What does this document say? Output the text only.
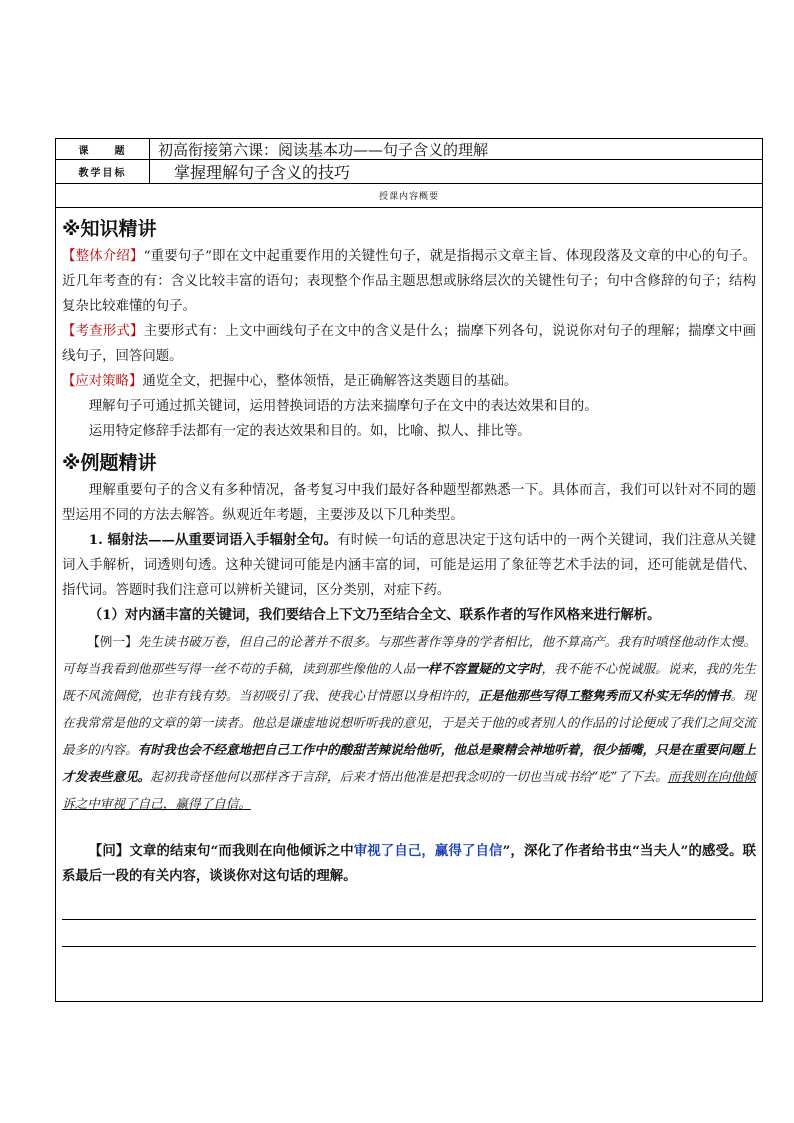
课　　题	初高衔接第六课：阅读基本功——句子含义的理解
教学目标	掌握理解句子含义的技巧
授课内容概要
※知识精讲

【整体介绍】“重要句子”即在文中起重要作用的关键性句子，就是指揭示文章主旨、体现段落及文章的中心的句子。近几年考查的有：含义比较丰富的语句；表现整个作品主题思想或脉络层次的关键性句子；句中含修辞的句子；结构复杂比较难懂的句子。

【考查形式】主要形式有：上文中画线句子在文中的含义是什么；揣摩下列各句，说说你对句子的理解；揣摩文中画线句子，回答问题。

【应对策略】通览全文，把握中心，整体领悟，是正确解答这类题目的基础。

理解句子可通过抓关键词，运用替换词语的方法来揣摩句子在文中的表达效果和目的。

运用特定修辞手法都有一定的表达效果和目的。如，比喻、拟人、排比等。

※例题精讲

理解重要句子的含义有多种情况，备考复习中我们最好各种题型都熟悉一下。具体而言，我们可以针对不同的题型运用不同的方法去解答。纵观近年考题，主要涉及以下几种类型。

1. 辐射法——从重要词语入手辐射全句。有时候一句话的意思决定于这句话中的一两个关键词，我们注意从关键词入手解析，词透则句透。这种关键词可能是内涵丰富的词，可能是运用了象征等艺术手法的词，还可能就是借代、指代词。答题时我们注意可以辨析关键词，区分类别，对症下药。

（1）对内涵丰富的关键词，我们要结合上下文乃至结合全文、联系作者的写作风格来进行解析。

【例一】先生读书破万卷，但自己的论著并不很多。与那些著作等身的学者相比，他不算高产。我有时嗔怪他动作太慢。可每当我看到他那些写得一丝不苟的手稿，读到那些像他的人品一样不容置疑的文字时，我不能不心悦诚服。说来，我的先生既不风流倜傥，也非有钱有势。当初吸引了我、使我心甘情愿以身相许的，正是他那些写得工整隽秀而又朴实无华的情书。现在我常常是他的文章的第一读者。他总是谦虚地说想听听我的意见，于是关于他的或者别人的作品的讨论便成了我们之间交流最多的内容。有时我也会不经意地把自己工作中的酸甜苦辣说给他听，他总是聚精会神地听着，很少插嘴，只是在重要问题上才发表些意见。起初我奇怪他何以那样吝于言辞，后来才悟出他准是把我念叨的一切也当成书给“吃”了下去。而我则在向他倾诉之中审视了自己，赢得了自信。

【问】文章的结束句“而我则在向他倾诉之中审视了自己，赢得了自信”，深化了作者给书虫“当夫人”的感受。联系最后一段的有关内容，谈谈你对这句话的理解。
